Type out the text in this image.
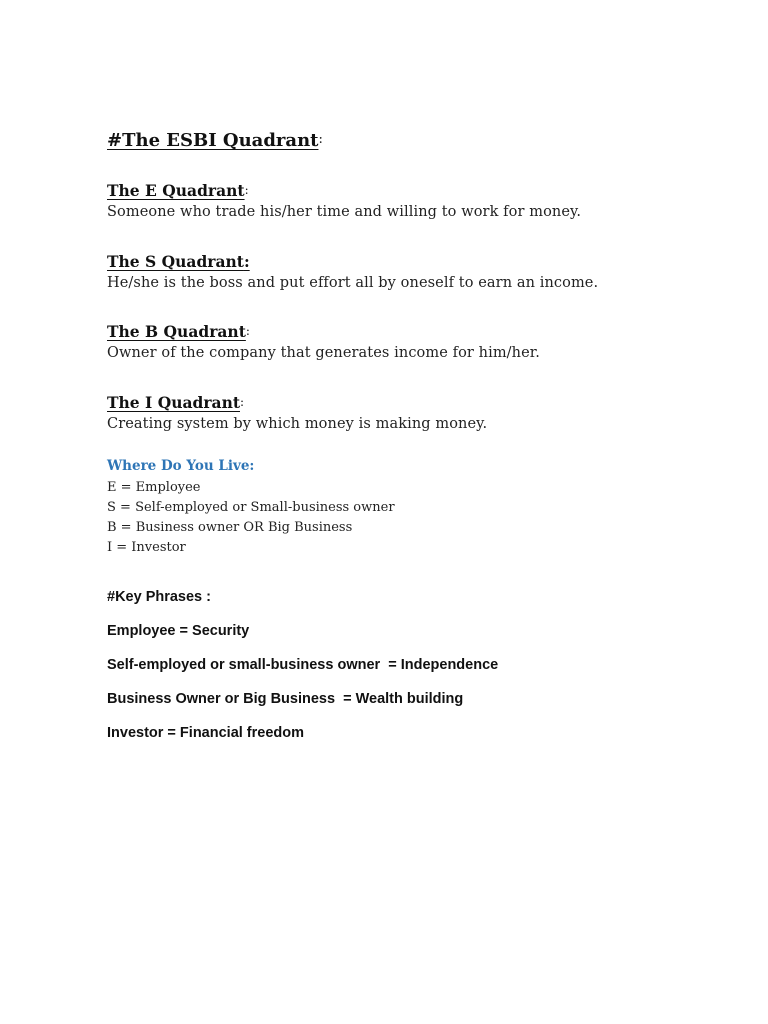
#The ESBI Quadrant:
The E Quadrant:
Someone who trade his/her time and willing to work for money.
The S Quadrant:
He/she is the boss and put effort all by oneself to earn an income.
The B Quadrant:
Owner of the company that generates income for him/her.
The I Quadrant:
Creating system by which money is making money.
Where Do You Live:
E = Employee
S = Self-employed or Small-business owner
B = Business owner OR Big Business
I = Investor
#Key Phrases :
Employee = Security
Self-employed or small-business owner  = Independence
Business Owner or Big Business  = Wealth building
Investor = Financial freedom
